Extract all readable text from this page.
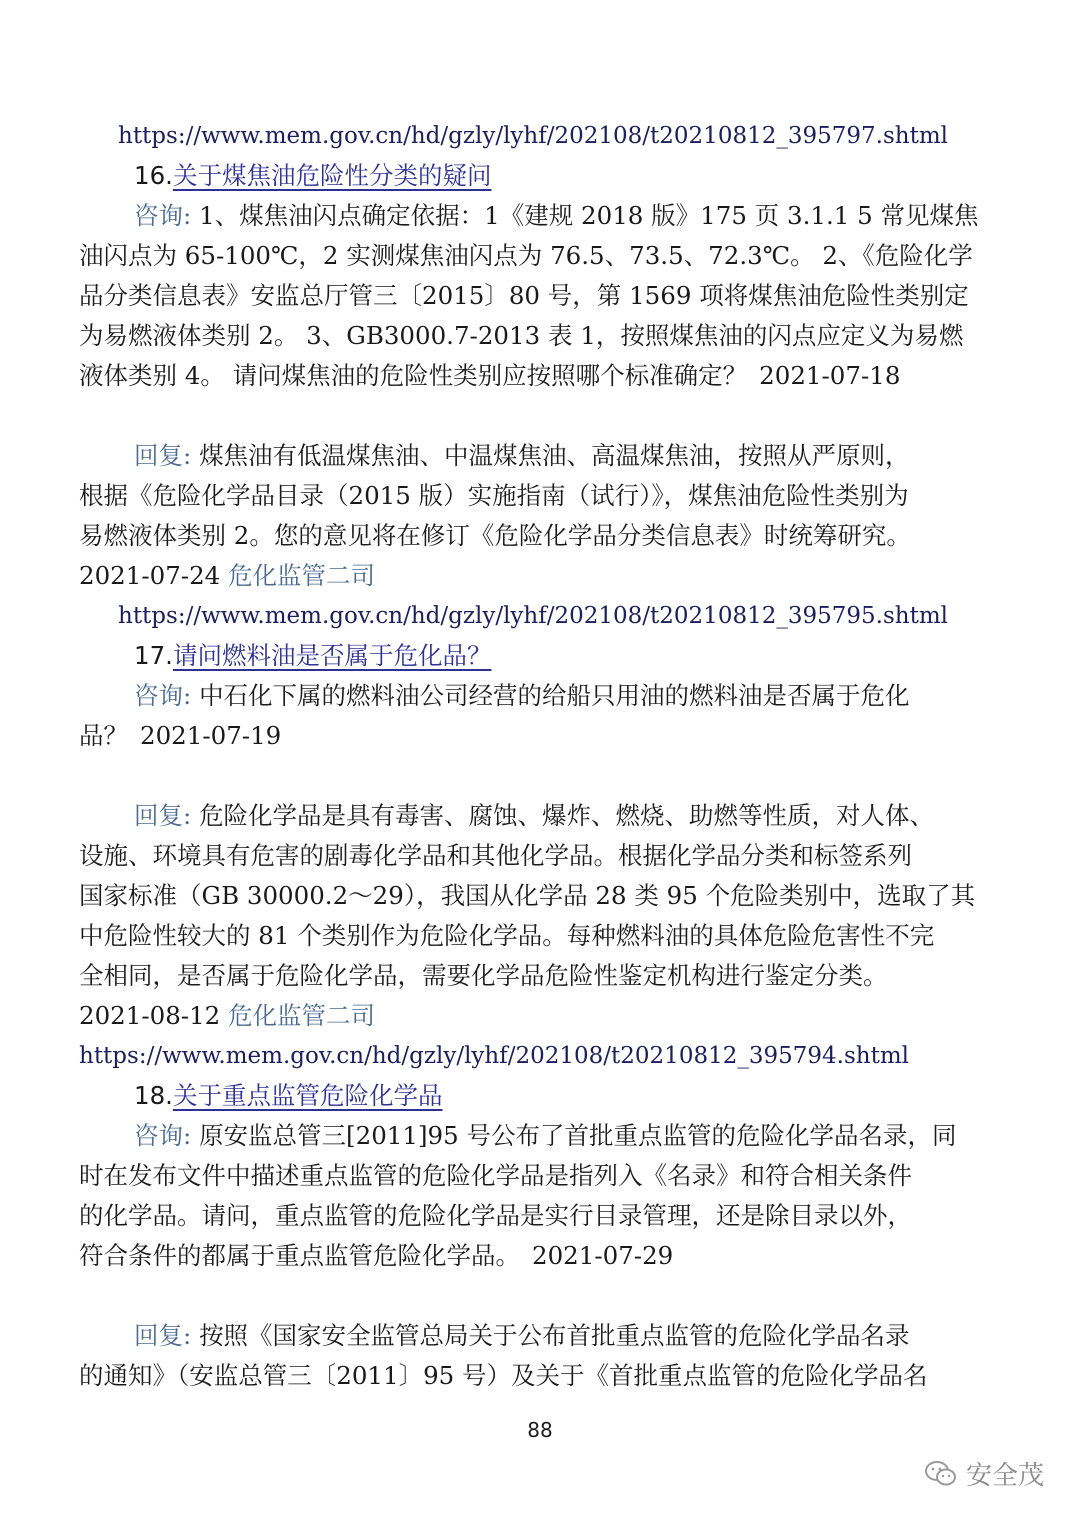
https://www.mem.gov.cn/hd/gzly/lyhf/202108/t20210812_395797.shtml
16.关于煤焦油危险性分类的疑问
咨询: 1、煤焦油闪点确定依据：1《建规 2018 版》175 页 3.1.1 5 常见煤焦
油闪点为 65-100℃，2 实测煤焦油闪点为 76.5、73.5、72.3℃。 2、《危险化学
品分类信息表》安监总厅管三〔2015〕80 号，第 1569 项将煤焦油危险性类别定
为易燃液体类别 2。 3、GB3000.7-2013 表 1，按照煤焦油的闪点应定义为易燃
液体类别 4。 请问煤焦油的危险性类别应按照哪个标准确定？ 2021-07-18
回复: 煤焦油有低温煤焦油、中温煤焦油、高温煤焦油，按照从严原则，
根据《危险化学品目录（2015 版）实施指南（试行）》，煤焦油危险性类别为
易燃液体类别 2。您的意见将在修订《危险化学品分类信息表》时统筹研究。
2021-07-24 危化监管二司
https://www.mem.gov.cn/hd/gzly/lyhf/202108/t20210812_395795.shtml
17.请问燃料油是否属于危化品？
咨询: 中石化下属的燃料油公司经营的给船只用油的燃料油是否属于危化
品？ 2021-07-19
回复: 危险化学品是具有毒害、腐蚀、爆炸、燃烧、助燃等性质，对人体、
设施、环境具有危害的剧毒化学品和其他化学品。根据化学品分类和标签系列
国家标准（GB 30000.2～29），我国从化学品 28 类 95 个危险类别中，选取了其
中危险性较大的 81 个类别作为危险化学品。每种燃料油的具体危险危害性不完
全相同，是否属于危险化学品，需要化学品危险性鉴定机构进行鉴定分类。
2021-08-12 危化监管二司
https://www.mem.gov.cn/hd/gzly/lyhf/202108/t20210812_395794.shtml
18.关于重点监管危险化学品
咨询: 原安监总管三[2011]95 号公布了首批重点监管的危险化学品名录，同
时在发布文件中描述重点监管的危险化学品是指列入《名录》和符合相关条件
的化学品。请问，重点监管的危险化学品是实行目录管理，还是除目录以外，
符合条件的都属于重点监管危险化学品。 2021-07-29
回复: 按照《国家安全监管总局关于公布首批重点监管的危险化学品名录
的通知》（安监总管三〔2011〕95 号）及关于《首批重点监管的危险化学品名
88
安全茂
